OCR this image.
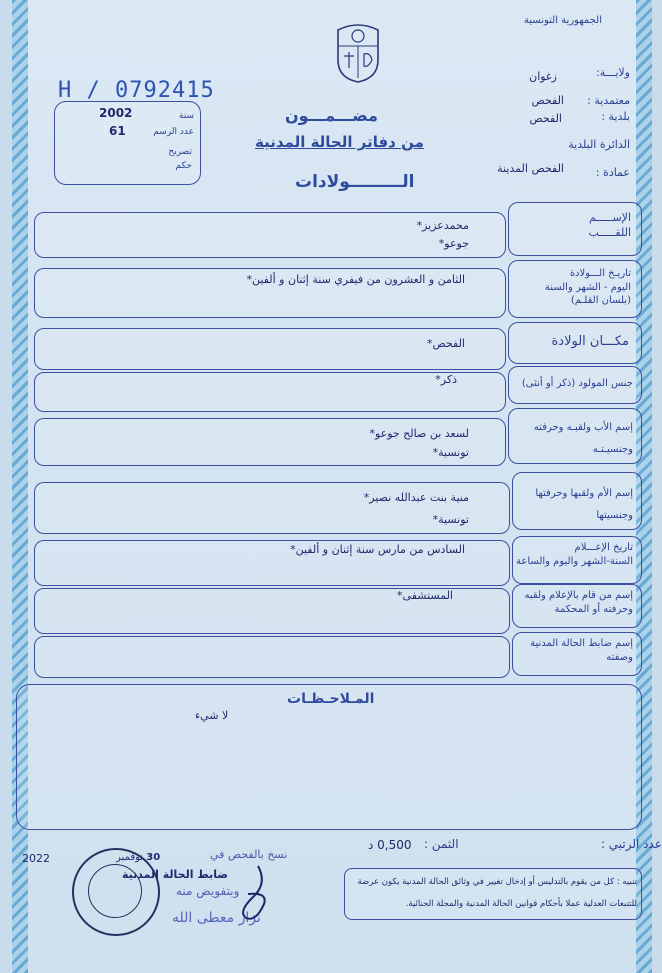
الجمهورية التونسية
H / 0792415
2002	سنة
61	عدد الرسم
تصريح
حكم
ولايـــة:
زغوان
معتمدية :
الفحص
بلدية :
الفحص
الدائرة البلدية
عمادة :
الفحص المدينة
مضـــمـــون
من دفاتر الحالة المدنية
الـــــــــولادات
الإســـــم
اللقـــــب
محمدعزيز*
جوعو*
تاريـخ الـــولادة
اليوم - الشهر والسنة
(بلسان القلـم)
الثامن و العشرون من فيفري سنة إثنان و ألفين*
مكـــان الولادة
الفحص*
جنس المولود (ذكر أو أنثى)
ذكر*
إسم الأب ولقبـه وحرفته
وجنسيـتـه
لسعد بن صالح جوعو*
تونسية*
إسم الأم ولقبها وحرفتها
وجنسيتها
منية بنت عبدالله نصير*
تونسية*
تاريخ الإعـــلام
السنة-الشهر واليوم والساعة
السادس من مارس سنة إثنان و ألفين*
إسم من قام بالإعلام ولقبه
وحرفته أو المحكمة
المستشفى*
إسم ضابط الحالة المدنية
وصفته
المـلاحـظـات
لا شيء
عدد الرتبي :
0,500 د الثمن :
تنبيه : كل من يقوم بالتدليس أو إدخال تغيير في وثائق الحالة المدنية يكون عرضة
للتتبعات العدلية عملا بأحكام قوانين الحالة المدنية والمجلة الجنائية.
2022	30 نوفمبر	نسخ بالفحص في
ضابط الحالة المدنية
وبتفويض منه
نزار معطى الله
